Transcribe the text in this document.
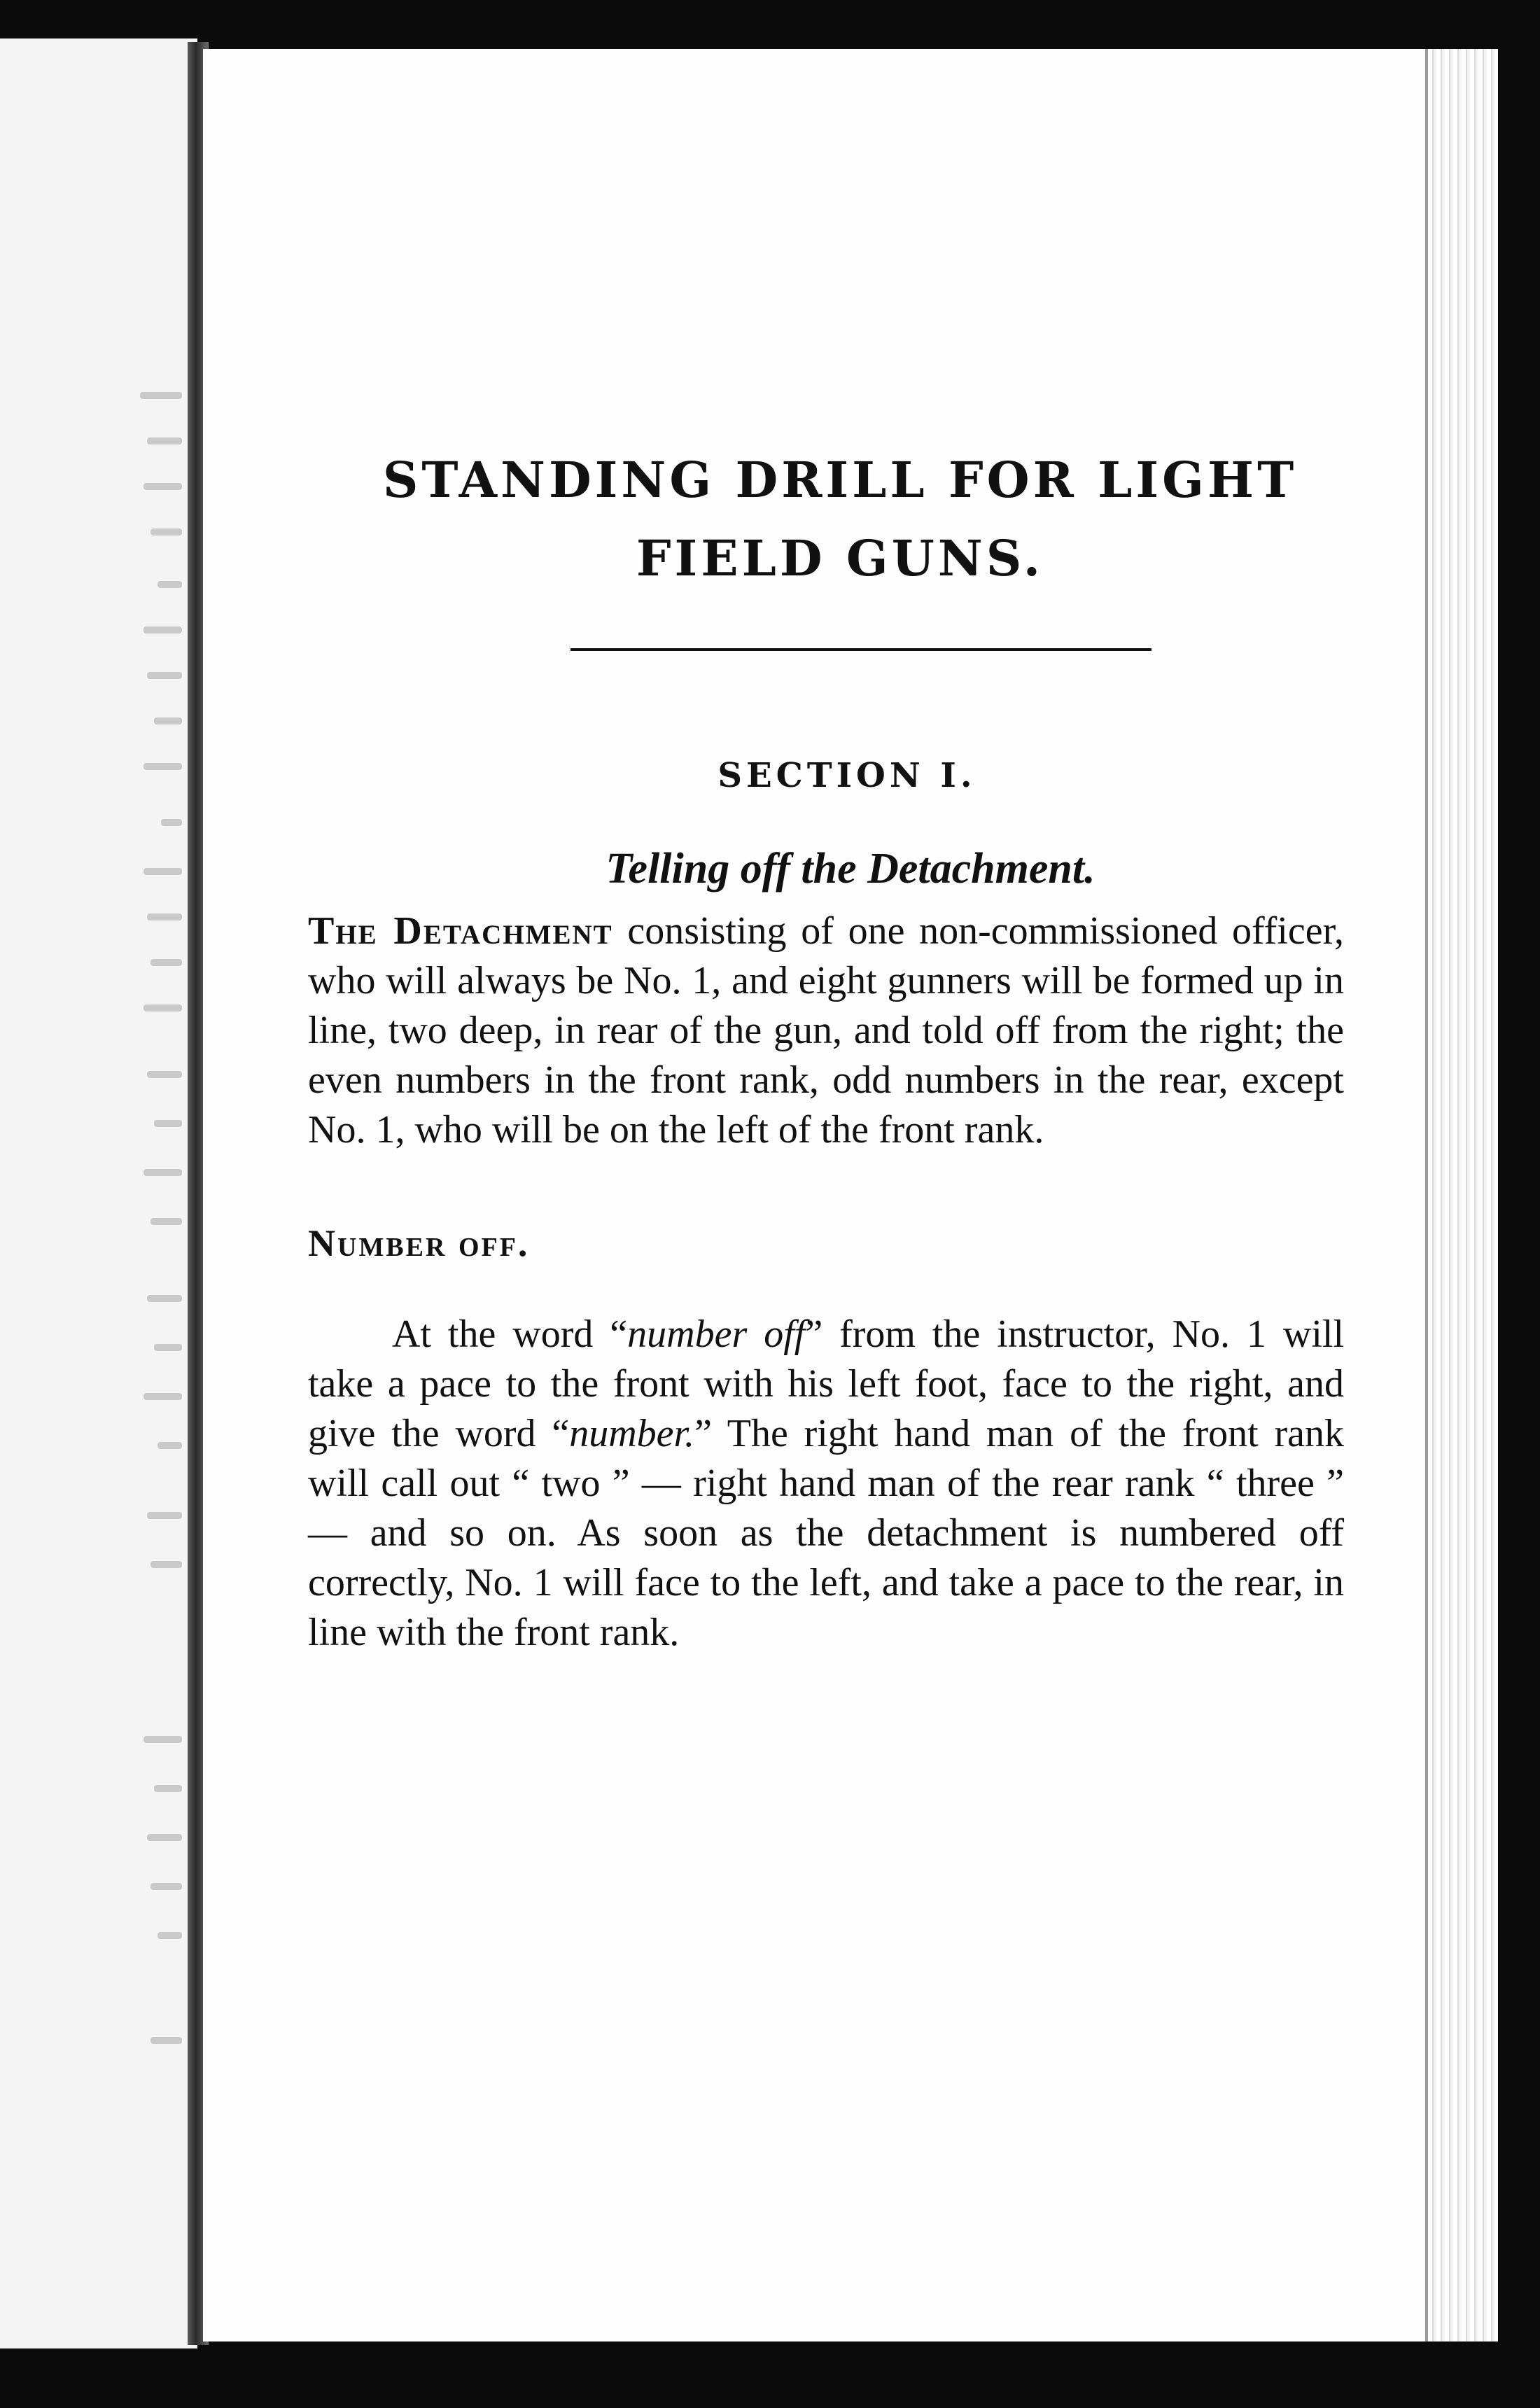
STANDING DRILL FOR LIGHT FIELD GUNS.
SECTION I.
Telling off the Detachment.

The Detachment consisting of one non-commissioned officer, who will always be No. 1, and eight gunners will be formed up in line, two deep, in rear of the gun, and told off from the right; the even numbers in the front rank, odd numbers in the rear, except No. 1, who will be on the left of the front rank.

Number off.

At the word “number off” from the instructor, No. 1 will take a pace to the front with his left foot, face to the right, and give the word “number.” The right hand man of the front rank will call out “ two ” — right hand man of the rear rank “ three ” — and so on. As soon as the detachment is numbered off correctly, No. 1 will face to the left, and take a pace to the rear, in line with the front rank.
